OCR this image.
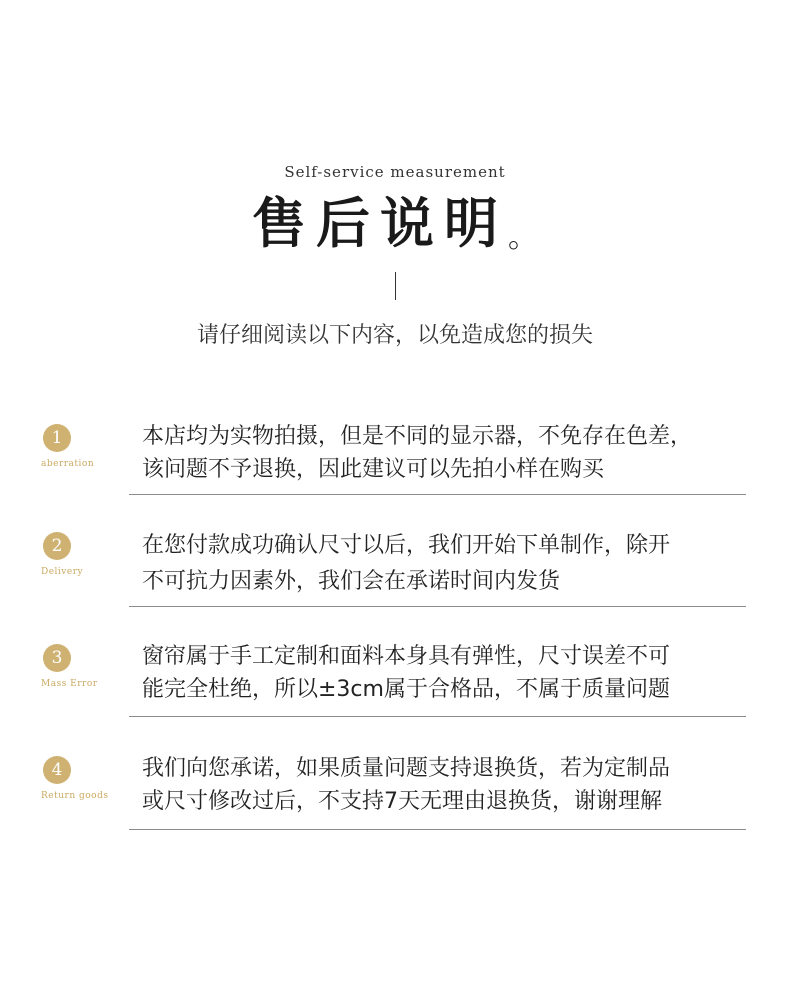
Self-service measurement
售后说明。
请仔细阅读以下内容，以免造成您的损失
1
aberration
本店均为实物拍摄，但是不同的显示器，不免存在色差，
该问题不予退换，因此建议可以先拍小样在购买
2
Delivery
在您付款成功确认尺寸以后，我们开始下单制作，除开
不可抗力因素外，我们会在承诺时间内发货
3
Mass Error
窗帘属于手工定制和面料本身具有弹性，尺寸误差不可
能完全杜绝，所以±3cm属于合格品，不属于质量问题
4
Return goods
我们向您承诺，如果质量问题支持退换货，若为定制品
或尺寸修改过后，不支持7天无理由退换货，谢谢理解
